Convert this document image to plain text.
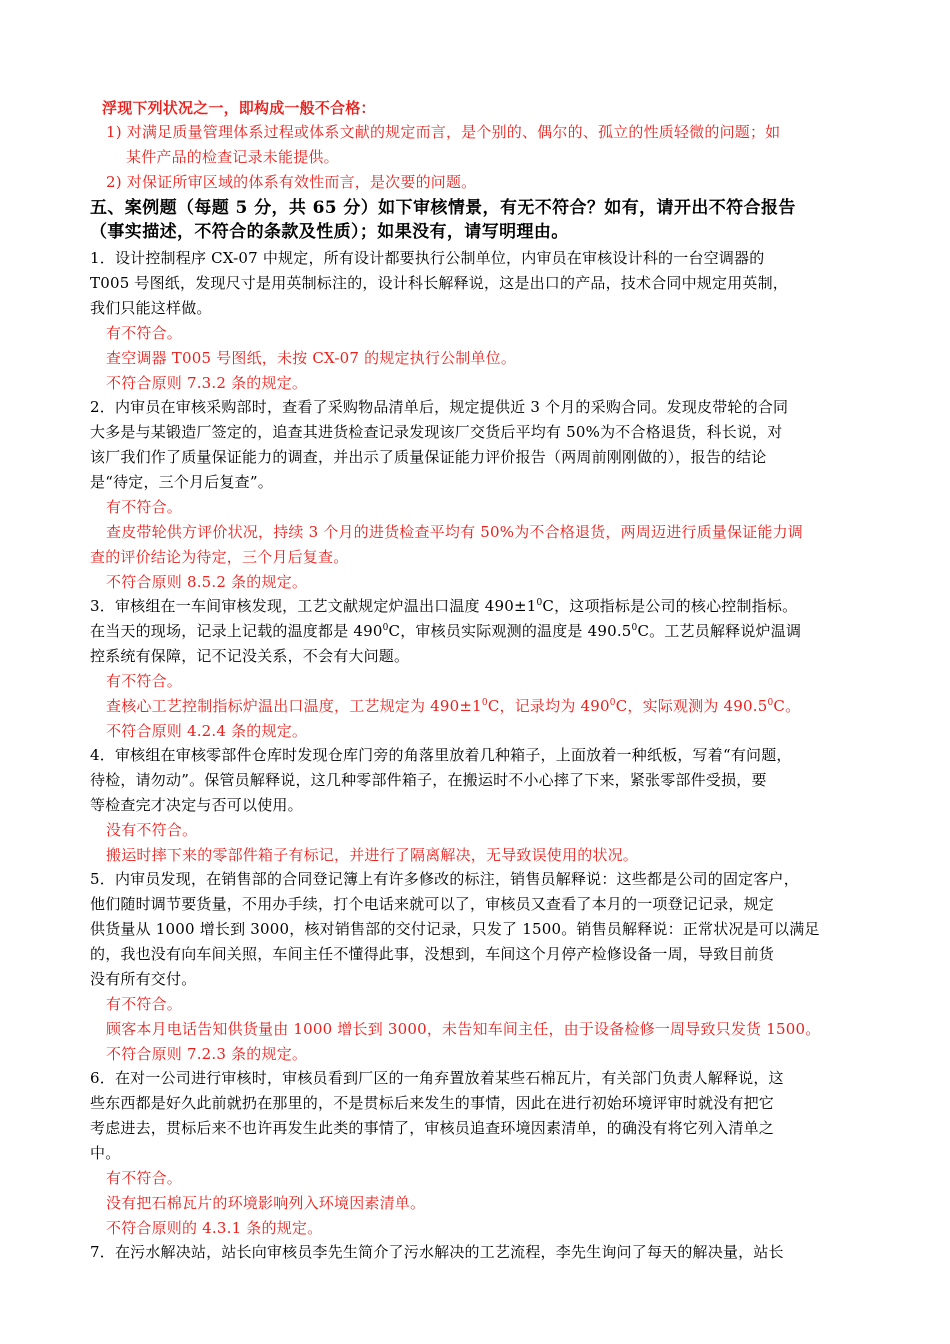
浮现下列状况之一，即构成一般不合格：
1) 对满足质量管理体系过程或体系文献的规定而言，是个别的、偶尔的、孤立的性质轻微的问题；如
某件产品的检查记录未能提供。
2) 对保证所审区域的体系有效性而言，是次要的问题。
五、案例题（每题 5 分，共 65 分）如下审核情景，有无不符合？如有，请开出不符合报告
（事实描述，不符合的条款及性质）；如果没有，请写明理由。
1．设计控制程序 CX-07 中规定，所有设计都要执行公制单位，内审员在审核设计科的一台空调器的
T005 号图纸，发现尺寸是用英制标注的，设计科长解释说，这是出口的产品，技术合同中规定用英制，
我们只能这样做。
有不符合。
查空调器 T005 号图纸，未按 CX-07 的规定执行公制单位。
不符合原则 7.3.2 条的规定。
2．内审员在审核采购部时，查看了采购物品清单后，规定提供近 3 个月的采购合同。发现皮带轮的合同
大多是与某锻造厂签定的，追查其进货检查记录发现该厂交货后平均有 50%为不合格退货，科长说，对
该厂我们作了质量保证能力的调查，并出示了质量保证能力评价报告（两周前刚刚做的），报告的结论
是“待定，三个月后复查”。
有不符合。
查皮带轮供方评价状况，持续 3 个月的进货检查平均有 50%为不合格退货，两周迈进行质量保证能力调
查的评价结论为待定，三个月后复查。
不符合原则 8.5.2 条的规定。
3．审核组在一车间审核发现，工艺文献规定炉温出口温度 $490\pm 1^0C$，这项指标是公司的核心控制指标。
在当天的现场，记录上记载的温度都是 $490^0C$，审核员实际观测的温度是 490.5$^0$C。工艺员解释说炉温调
控系统有保障，记不记没关系，不会有大问题。
有不符合。
查核心工艺控制指标炉温出口温度，工艺规定为 $490\pm 1^0C$，记录均为 $490^0C$，实际观测为 490.5$^0$C。
不符合原则 4.2.4 条的规定。
4．审核组在审核零部件仓库时发现仓库门旁的角落里放着几种箱子，上面放着一种纸板，写着“有问题，
待检，请勿动”。保管员解释说，这几种零部件箱子，在搬运时不小心摔了下来，紧张零部件受损，要
等检查完才决定与否可以使用。
没有不符合。
搬运时摔下来的零部件箱子有标记，并进行了隔离解决，无导致误使用的状况。
5．内审员发现，在销售部的合同登记簿上有许多修改的标注，销售员解释说：这些都是公司的固定客户，
他们随时调节要货量，不用办手续，打个电话来就可以了，审核员又查看了本月的一项登记记录，规定
供货量从 1000 增长到 3000，核对销售部的交付记录，只发了 1500。销售员解释说：正常状况是可以满足
的，我也没有向车间关照，车间主任不懂得此事，没想到，车间这个月停产检修设备一周，导致目前货
没有所有交付。
有不符合。
顾客本月电话告知供货量由 1000 增长到 3000，未告知车间主任，由于设备检修一周导致只发货 1500。
不符合原则 7.2.3 条的规定。
6．在对一公司进行审核时，审核员看到厂区的一角弃置放着某些石棉瓦片，有关部门负责人解释说，这
些东西都是好久此前就扔在那里的，不是贯标后来发生的事情，因此在进行初始环境评审时就没有把它
考虑进去，贯标后来不也许再发生此类的事情了，审核员追查环境因素清单，的确没有将它列入清单之
中。
有不符合。
没有把石棉瓦片的环境影响列入环境因素清单。
不符合原则的 4.3.1 条的规定。
7．在污水解决站，站长向审核员李先生简介了污水解决的工艺流程，李先生询问了每天的解决量，站长
